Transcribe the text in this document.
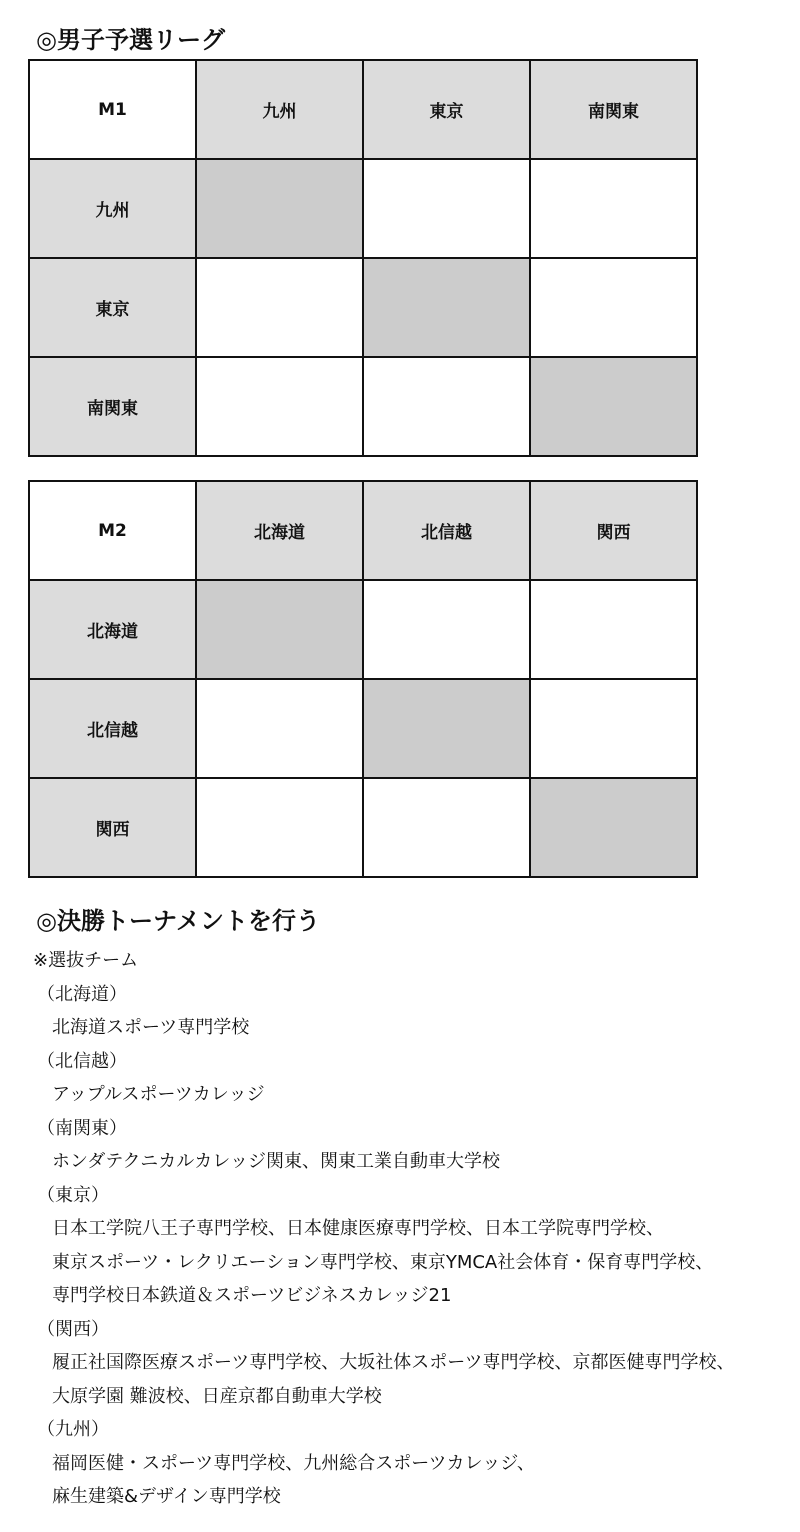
◎男子予選リーグ
M1	九州	東京	南関東
九州			
東京			
南関東			
M2	北海道	北信越	関西
北海道			
北信越			
関西			
◎決勝トーナメントを行う
※選抜チーム
（北海道）
北海道スポーツ専門学校
（北信越）
アップルスポーツカレッジ
（南関東）
ホンダテクニカルカレッジ関東、関東工業自動車大学校
（東京）
日本工学院八王子専門学校、日本健康医療専門学校、日本工学院専門学校、
東京スポーツ・レクリエーション専門学校、東京YMCA社会体育・保育専門学校、
専門学校日本鉄道＆スポーツビジネスカレッジ21
（関西）
履正社国際医療スポーツ専門学校、大坂社体スポーツ専門学校、京都医健専門学校、
大原学園 難波校、日産京都自動車大学校
（九州）
福岡医健・スポーツ専門学校、九州総合スポーツカレッジ、
麻生建築&デザイン専門学校
